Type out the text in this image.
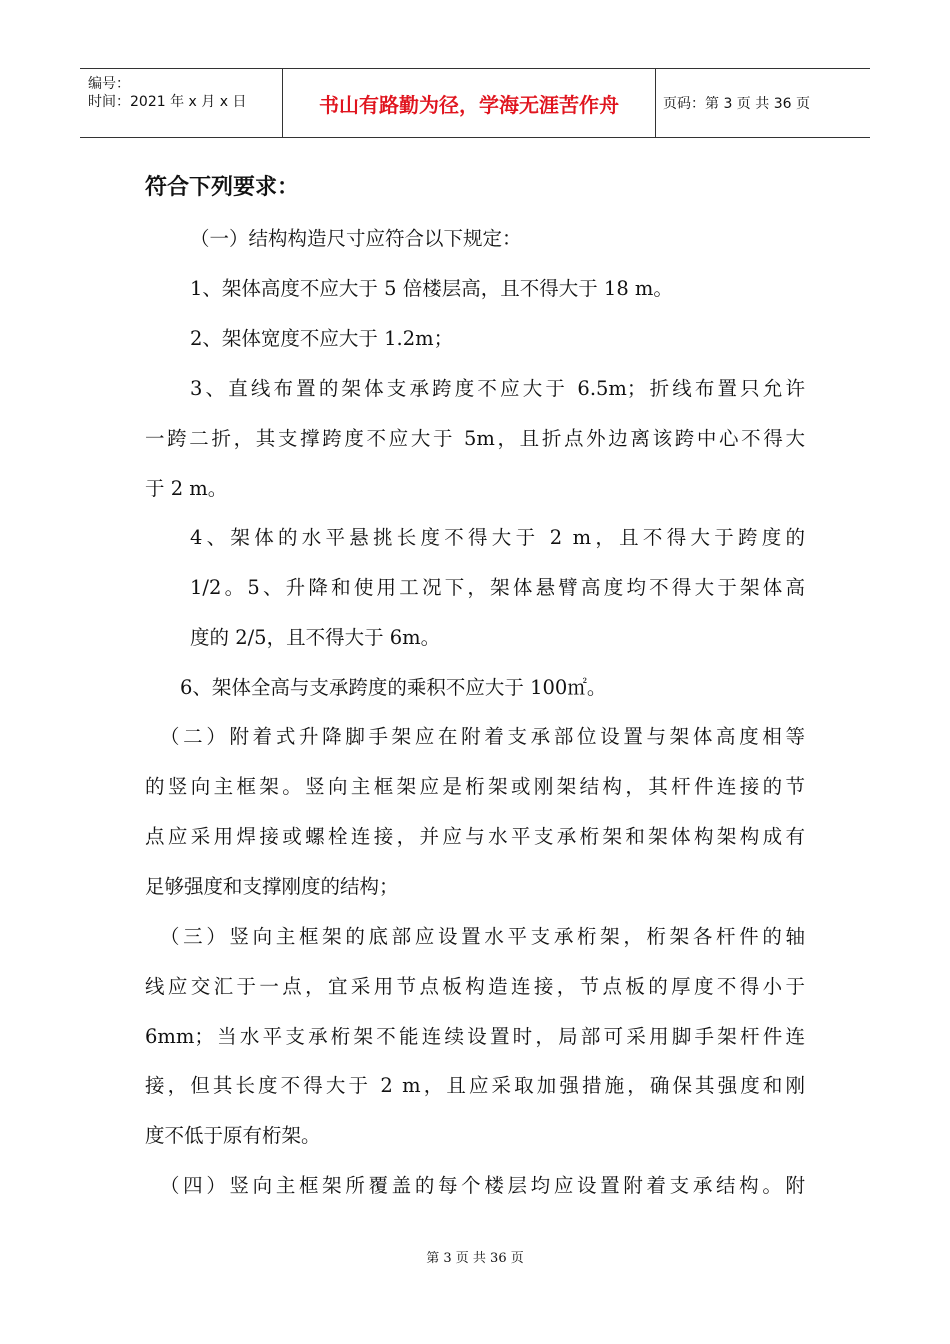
编号：
时间：2021 年 x 月 x 日	书山有路勤为径，学海无涯苦作舟	页码：第 3 页 共 36 页
符合下列要求：
（一）结构构造尺寸应符合以下规定：
1、架体高度不应大于 5 倍楼层高，且不得大于 18 m。
2、架体宽度不应大于 1.2m；
3、直线布置的架体支承跨度不应大于 6.5m；折线布置只允许
一跨二折，其支撑跨度不应大于 5m，且折点外边离该跨中心不得大
于 2 m。
4、架体的水平悬挑长度不得大于 2 m，且不得大于跨度的
1/2。5、升降和使用工况下，架体悬臂高度均不得大于架体高
度的 2/5，且不得大于 6m。
6、架体全高与支承跨度的乘积不应大于 100㎡。
（二）附着式升降脚手架应在附着支承部位设置与架体高度相等
的竖向主框架。竖向主框架应是桁架或刚架结构，其杆件连接的节
点应采用焊接或螺栓连接，并应与水平支承桁架和架体构架构成有
足够强度和支撑刚度的结构；
（三）竖向主框架的底部应设置水平支承桁架，桁架各杆件的轴
线应交汇于一点，宜采用节点板构造连接，节点板的厚度不得小于
6mm；当水平支承桁架不能连续设置时，局部可采用脚手架杆件连
接，但其长度不得大于 2 m，且应采取加强措施，确保其强度和刚
度不低于原有桁架。
（四）竖向主框架所覆盖的每个楼层均应设置附着支承结构。附
第 3 页 共 36 页
